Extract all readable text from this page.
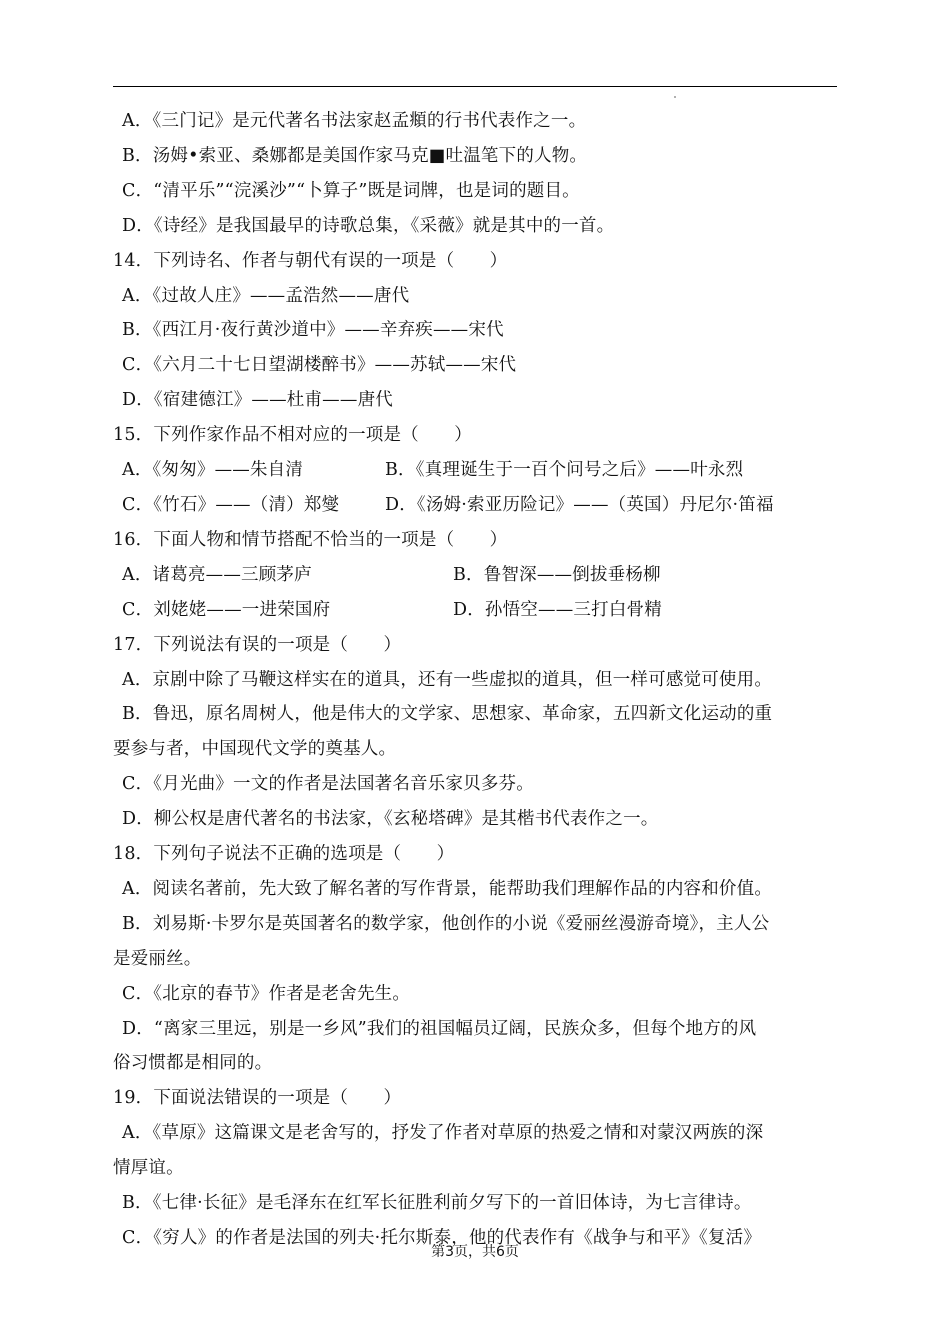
A．《三门记》是元代著名书法家赵孟頫的行书代表作之一。
B．汤姆•索亚、桑娜都是美国作家马克■吐温笔下的人物。
C．“清平乐”“浣溪沙”“卜算子”既是词牌，也是词的题目。
D．《诗经》是我国最早的诗歌总集，《采薇》就是其中的一首。
14．下列诗名、作者与朝代有误的一项是（　　）
A．《过故人庄》——孟浩然——唐代
B．《西江月·夜行黄沙道中》——辛弃疾——宋代
C．《六月二十七日望湖楼醉书》——苏轼——宋代
D．《宿建德江》——杜甫——唐代
15．下列作家作品不相对应的一项是（　　）
A．《匆匆》——朱自清	B．《真理诞生于一百个问号之后》——叶永烈
C．《竹石》——（清）郑燮	D．《汤姆·索亚历险记》——（英国）丹尼尔·笛福
16．下面人物和情节搭配不恰当的一项是（　　）
A．诸葛亮——三顾茅庐	B．鲁智深——倒拔垂杨柳
C．刘姥姥——一进荣国府	D．孙悟空——三打白骨精
17．下列说法有误的一项是（　　）
A．京剧中除了马鞭这样实在的道具，还有一些虚拟的道具，但一样可感觉可使用。
B．鲁迅，原名周树人，他是伟大的文学家、思想家、革命家，五四新文化运动的重
要参与者，中国现代文学的奠基人。
C．《月光曲》一文的作者是法国著名音乐家贝多芬。
D．柳公权是唐代著名的书法家，《玄秘塔碑》是其楷书代表作之一。
18．下列句子说法不正确的选项是（　　）
A．阅读名著前，先大致了解名著的写作背景，能帮助我们理解作品的内容和价值。
B．刘易斯·卡罗尔是英国著名的数学家，他创作的小说《爱丽丝漫游奇境》，主人公
是爱丽丝。
C．《北京的春节》作者是老舍先生。
D．“离家三里远，别是一乡风”我们的祖国幅员辽阔，民族众多，但每个地方的风
俗习惯都是相同的。
19．下面说法错误的一项是（　　）
A．《草原》这篇课文是老舍写的，抒发了作者对草原的热爱之情和对蒙汉两族的深
情厚谊。
B．《七律·长征》是毛泽东在红军长征胜利前夕写下的一首旧体诗，为七言律诗。
C．《穷人》的作者是法国的列夫·托尔斯泰，他的代表作有《战争与和平》《复活》
第3页，共6页
